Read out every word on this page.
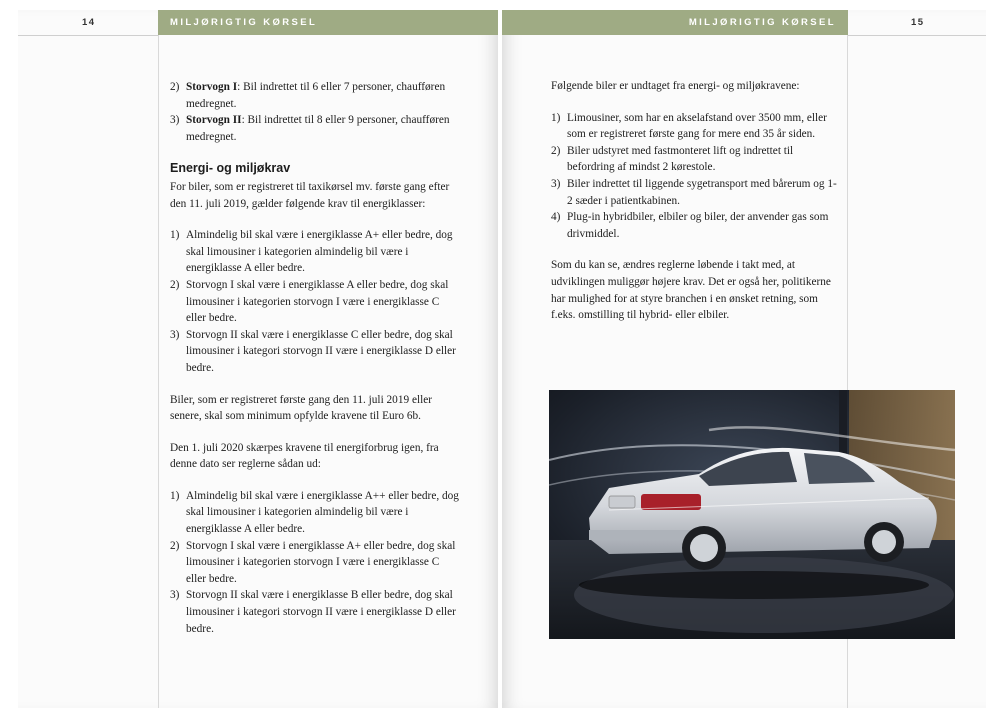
MILJØRIGTIG KØRSEL	MILJØRIGTIG KØRSEL
14	15
2) Storvogn I: Bil indrettet til 6 eller 7 personer, chaufføren medregnet.
3) Storvogn II: Bil indrettet til 8 eller 9 personer, chaufføren medregnet.
Energi- og miljøkrav

For biler, som er registreret til taxikørsel mv. første gang efter den 11. juli 2019, gælder følgende krav til energiklasser:

1) Almindelig bil skal være i energiklasse A+ eller bedre, dog skal limousiner i kategorien almindelig bil være i energiklasse A eller bedre.
2) Storvogn I skal være i energiklasse A eller bedre, dog skal limousiner i kategorien storvogn I være i energiklasse C eller bedre.
3) Storvogn II skal være i energiklasse C eller bedre, dog skal limousiner i kategori storvogn II være i energiklasse D eller bedre.

Biler, som er registreret første gang den 11. juli 2019 eller senere, skal som minimum opfylde kravene til Euro 6b.

Den 1. juli 2020 skærpes kravene til energiforbrug igen, fra denne dato ser reglerne sådan ud:

1) Almindelig bil skal være i energiklasse A++ eller bedre, dog skal limousiner i kategorien almindelig bil være i energiklasse A eller bedre.
2) Storvogn I skal være i energiklasse A+ eller bedre, dog skal limousiner i kategorien storvogn I være i energiklasse C eller bedre.
3) Storvogn II skal være i energiklasse B eller bedre, dog skal limousiner i kategori storvogn II være i energiklasse D eller bedre.

Følgende biler er undtaget fra energi- og miljøkravene:

1) Limousiner, som har en akselafstand over 3500 mm, eller som er registreret første gang for mere end 35 år siden.
2) Biler udstyret med fastmonteret lift og indrettet til befordring af mindst 2 kørestole.
3) Biler indrettet til liggende sygetransport med bårerum og 1-2 sæder i patientkabinen.
4) Plug-in hybridbiler, elbiler og biler, der anvender gas som drivmiddel.

Som du kan se, ændres reglerne løbende i takt med, at udviklingen muliggør højere krav. Det er også her, politikerne har mulighed for at styre branchen i en ønsket retning, som f.eks. omstilling til hybrid- eller elbiler.
